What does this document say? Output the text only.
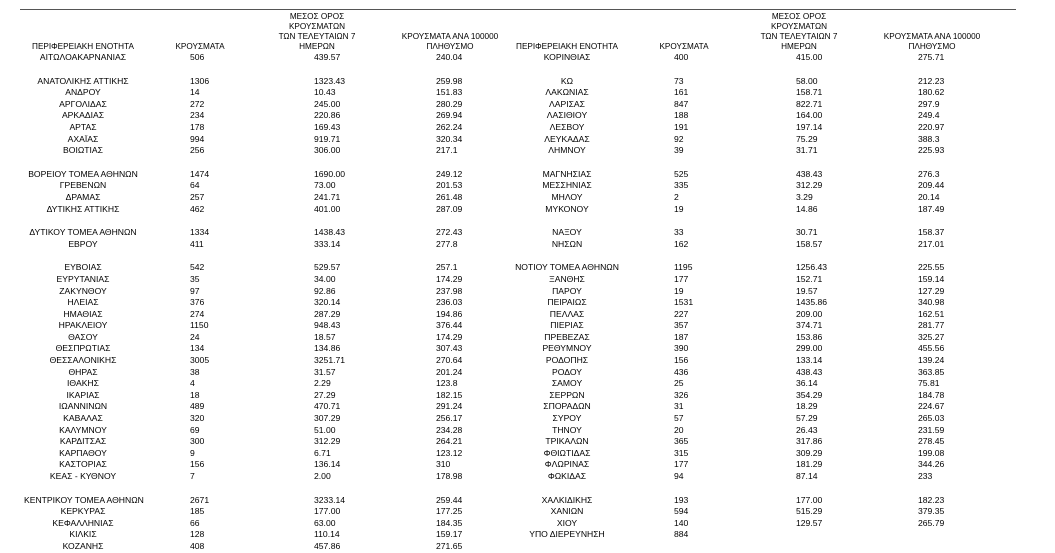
ΠΕΡΙΦΕΡΕΙΑΚΗ ΕΝΟΤΗΤΑ	ΚΡΟΥΣΜΑΤΑ
ΜΕΣΟΣ ΟΡΟΣ ΚΡΟΥΣΜΑΤΩΝ
ΤΩΝ ΤΕΛΕΥΤΑΙΩΝ 7 ΗΜΕΡΩΝ
ΚΡΟΥΣΜΑΤΑ ΑΝΑ 100000
ΠΛΗΘΥΣΜΟ
ΑΙΤΩΛΟΑΚΑΡΝΑΝΙΑΣ	506	439.57	240.04
ΑΝΑΤΟΛΙΚΗΣ ΑΤΤΙΚΗΣ	1306	1323.43	259.98
ΑΝΔΡΟΥ	14	10.43	151.83
ΑΡΓΟΛΙΔΑΣ	272	245.00	280.29
ΑΡΚΑΔΙΑΣ	234	220.86	269.94
ΑΡΤΑΣ	178	169.43	262.24
ΑΧΑΪΑΣ	994	919.71	320.34
ΒΟΙΩΤΙΑΣ	256	306.00	217.1
ΒΟΡΕΙΟΥ ΤΟΜΕΑ ΑΘΗΝΩΝ	1474	1690.00	249.12
ΓΡΕΒΕΝΩΝ	64	73.00	201.53
ΔΡΑΜΑΣ	257	241.71	261.48
ΔΥΤΙΚΗΣ ΑΤΤΙΚΗΣ	462	401.00	287.09
ΔΥΤΙΚΟΥ ΤΟΜΕΑ ΑΘΗΝΩΝ	1334	1438.43	272.43
ΕΒΡΟΥ	411	333.14	277.8
ΕΥΒΟΙΑΣ	542	529.57	257.1
ΕΥΡΥΤΑΝΙΑΣ	35	34.00	174.29
ΖΑΚΥΝΘΟΥ	97	92.86	237.98
ΗΛΕΙΑΣ	376	320.14	236.03
ΗΜΑΘΙΑΣ	274	287.29	194.86
ΗΡΑΚΛΕΙΟΥ	1150	948.43	376.44
ΘΑΣΟΥ	24	18.57	174.29
ΘΕΣΠΡΩΤΙΑΣ	134	134.86	307.43
ΘΕΣΣΑΛΟΝΙΚΗΣ	3005	3251.71	270.64
ΘΗΡΑΣ	38	31.57	201.24
ΙΘΑΚΗΣ	4	2.29	123.8
ΙΚΑΡΙΑΣ	18	27.29	182.15
ΙΩΑΝΝΙΝΩΝ	489	470.71	291.24
ΚΑΒΑΛΑΣ	320	307.29	256.17
ΚΑΛΥΜΝΟΥ	69	51.00	234.28
ΚΑΡΔΙΤΣΑΣ	300	312.29	264.21
ΚΑΡΠΑΘΟΥ	9	6.71	123.12
ΚΑΣΤΟΡΙΑΣ	156	136.14	310
ΚΕΑΣ - ΚΥΘΝΟΥ	7	2.00	178.98
ΚΕΝΤΡΙΚΟΥ ΤΟΜΕΑ ΑΘΗΝΩΝ	2671	3233.14	259.44
ΚΕΡΚΥΡΑΣ	185	177.00	177.25
ΚΕΦΑΛΛΗΝΙΑΣ	66	63.00	184.35
ΚΙΛΚΙΣ	128	110.14	159.17
ΚΟΖΑΝΗΣ	408	457.86	271.65
ΠΕΡΙΦΕΡΕΙΑΚΗ ΕΝΟΤΗΤΑ	ΚΡΟΥΣΜΑΤΑ
ΜΕΣΟΣ ΟΡΟΣ ΚΡΟΥΣΜΑΤΩΝ
ΤΩΝ ΤΕΛΕΥΤΑΙΩΝ 7 ΗΜΕΡΩΝ
ΚΡΟΥΣΜΑΤΑ ΑΝΑ 100000
ΠΛΗΘΥΣΜΟ
ΚΟΡΙΝΘΙΑΣ	400	415.00	275.71
ΚΩ	73	58.00	212.23
ΛΑΚΩΝΙΑΣ	161	158.71	180.62
ΛΑΡΙΣΑΣ	847	822.71	297.9
ΛΑΣΙΘΙΟΥ	188	164.00	249.4
ΛΕΣΒΟΥ	191	197.14	220.97
ΛΕΥΚΑΔΑΣ	92	75.29	388.3
ΛΗΜΝΟΥ	39	31.71	225.93
ΜΑΓΝΗΣΙΑΣ	525	438.43	276.3
ΜΕΣΣΗΝΙΑΣ	335	312.29	209.44
ΜΗΛΟΥ	2	3.29	20.14
ΜΥΚΟΝΟΥ	19	14.86	187.49
ΝΑΞΟΥ	33	30.71	158.37
ΝΗΣΩΝ	162	158.57	217.01
ΝΟΤΙΟΥ ΤΟΜΕΑ ΑΘΗΝΩΝ	1195	1256.43	225.55
ΞΑΝΘΗΣ	177	152.71	159.14
ΠΑΡΟΥ	19	19.57	127.29
ΠΕΙΡΑΙΩΣ	1531	1435.86	340.98
ΠΕΛΛΑΣ	227	209.00	162.51
ΠΙΕΡΙΑΣ	357	374.71	281.77
ΠΡΕΒΕΖΑΣ	187	153.86	325.27
ΡΕΘΥΜΝΟΥ	390	299.00	455.56
ΡΟΔΟΠΗΣ	156	133.14	139.24
ΡΟΔΟΥ	436	438.43	363.85
ΣΑΜΟΥ	25	36.14	75.81
ΣΕΡΡΩΝ	326	354.29	184.78
ΣΠΟΡΑΔΩΝ	31	18.29	224.67
ΣΥΡΟΥ	57	57.29	265.03
ΤΗΝΟΥ	20	26.43	231.59
ΤΡΙΚΑΛΩΝ	365	317.86	278.45
ΦΘΙΩΤΙΔΑΣ	315	309.29	199.08
ΦΛΩΡΙΝΑΣ	177	181.29	344.26
ΦΩΚΙΔΑΣ	94	87.14	233
ΧΑΛΚΙΔΙΚΗΣ	193	177.00	182.23
ΧΑΝΙΩΝ	594	515.29	379.35
ΧΙΟΥ	140	129.57	265.79
ΥΠΟ ΔΙΕΡΕΥΝΗΣΗ	884
